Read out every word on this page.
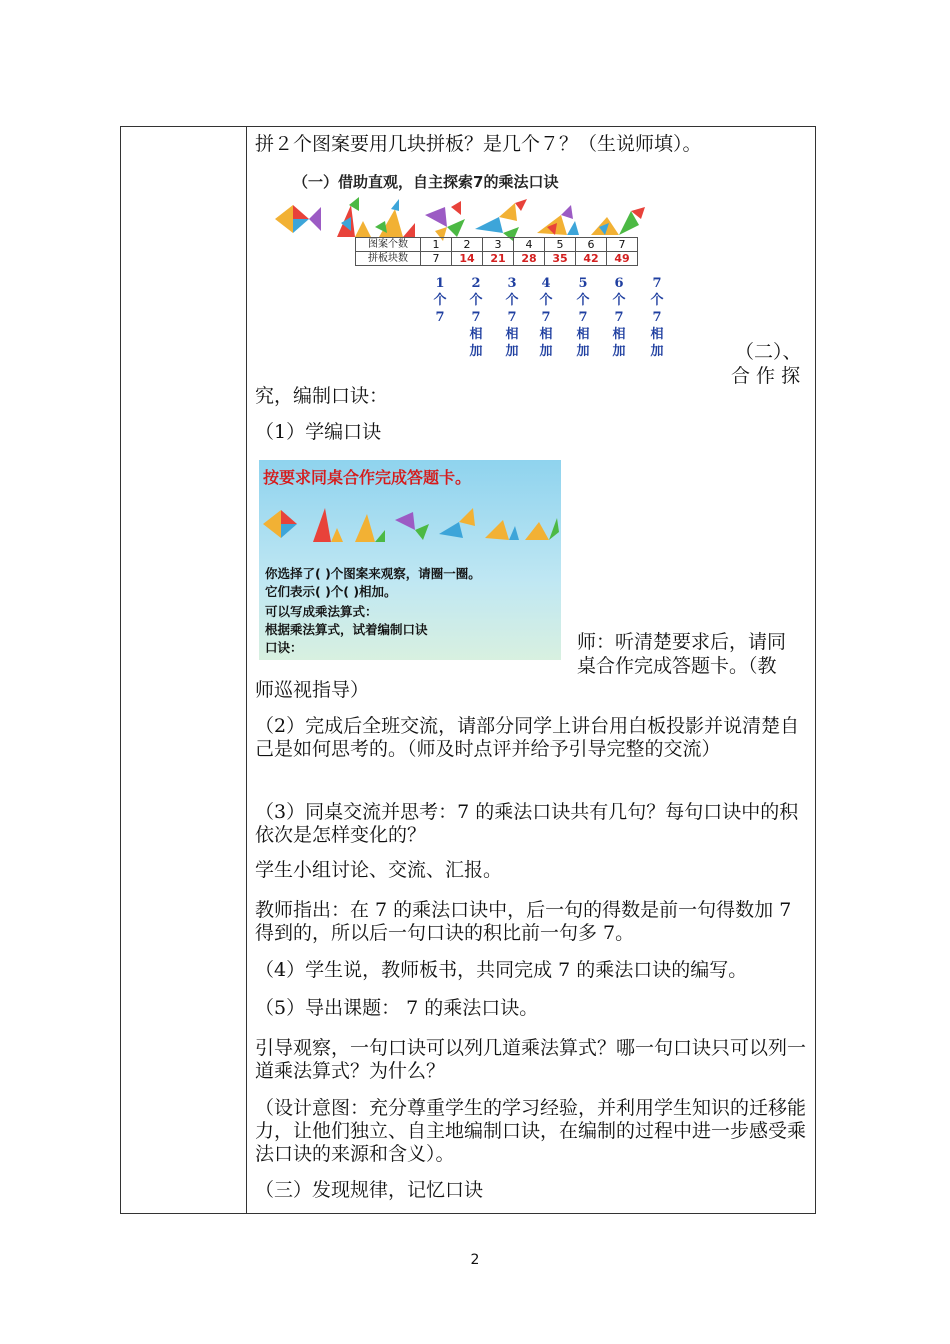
拼２个图案要用几块拼板？是几个７？（生说师填）。

（一）借助直观，自主探索7的乘法口诀
图案个数	1	2	3	4	5	6	7
拼板块数	7	14	21	28	35	42	49
1
个
7
2
个
7
相
加
3
个
7
相
加
4
个
7
相
加
5
个
7
相
加
6
个
7
相
加
7
个
7
相
加	（二）、

合 作 探

究，编制口诀：

（1）学编口诀

按要求同桌合作完成答题卡。
你选择了( )个图案来观察，请圈一圈。
它们表示( )个( )相加。
可以写成乘法算式：
根据乘法算式，试着编制口诀
口诀：	师：听清楚要求后，请同

桌合作完成答题卡。（教

师巡视指导）

（2）完成后全班交流，请部分同学上讲台用白板投影并说清楚自己是如何思考的。（师及时点评并给予引导完整的交流）

（3）同桌交流并思考：7 的乘法口诀共有几句？每句口诀中的积依次是怎样变化的？

学生小组讨论、交流、汇报。

教师指出：在 7 的乘法口诀中，后一句的得数是前一句得数加 7 得到的，所以后一句口诀的积比前一句多 7。

（4）学生说，教师板书，共同完成 7 的乘法口诀的编写。

（5）导出课题： 7 的乘法口诀。

引导观察，一句口诀可以列几道乘法算式？哪一句口诀只可以列一道乘法算式？为什么？

（设计意图：充分尊重学生的学习经验，并利用学生知识的迁移能力，让他们独立、自主地编制口诀，在编制的过程中进一步感受乘法口诀的来源和含义）。

（三）发现规律，记忆口诀

2
